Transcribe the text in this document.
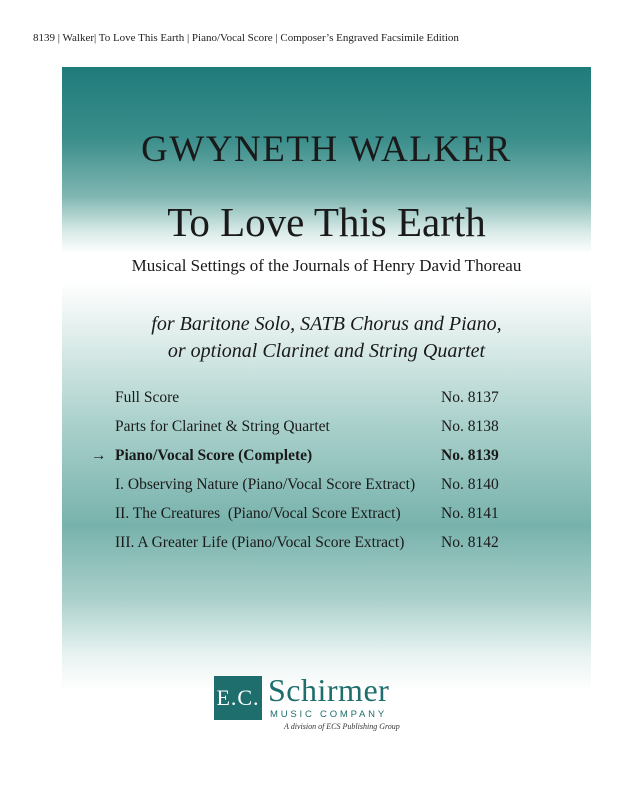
8139 | Walker| To Love This Earth | Piano/Vocal Score | Composer’s Engraved Facsimile Edition
GWYNETH WALKER
To Love This Earth
Musical Settings of the Journals of Henry David Thoreau
for Baritone Solo, SATB Chorus and Piano,
or optional Clarinet and String Quartet
Full Score	No. 8137
Parts for Clarinet & String Quartet	No. 8138
→ Piano/Vocal Score (Complete)	No. 8139
I. Observing Nature (Piano/Vocal Score Extract) No. 8140
II. The Creatures  (Piano/Vocal Score Extract)	No. 8141
III. A Greater Life (Piano/Vocal Score Extract) No. 8142
E.C. Schirmer
MUSIC COMPANY
A division of ECS Publishing Group
